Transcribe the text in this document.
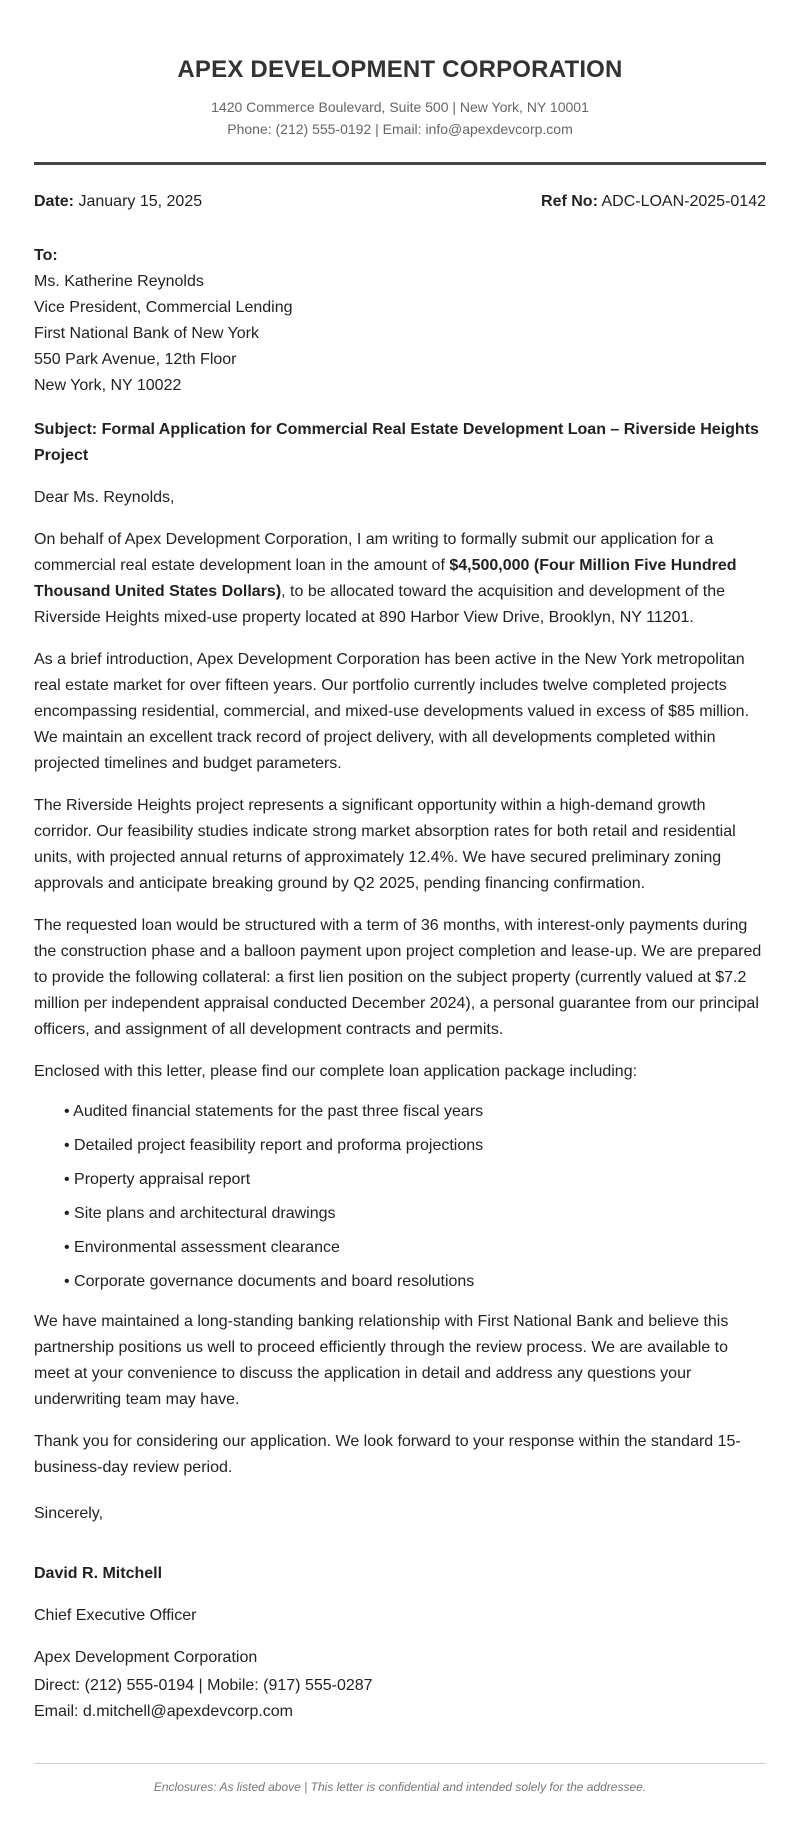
APEX DEVELOPMENT CORPORATION
1420 Commerce Boulevard, Suite 500 | New York, NY 10001
Phone: (212) 555-0192 | Email: info@apexdevcorp.com
Date: January 15, 2025	Ref No: ADC-LOAN-2025-0142
To:
Ms. Katherine Reynolds
Vice President, Commercial Lending
First National Bank of New York
550 Park Avenue, 12th Floor
New York, NY 10022
Subject: Formal Application for Commercial Real Estate Development Loan – Riverside Heights Project
Dear Ms. Reynolds,

On behalf of Apex Development Corporation, I am writing to formally submit our application for a commercial real estate development loan in the amount of $4,500,000 (Four Million Five Hundred Thousand United States Dollars), to be allocated toward the acquisition and development of the Riverside Heights mixed-use property located at 890 Harbor View Drive, Brooklyn, NY 11201.

As a brief introduction, Apex Development Corporation has been active in the New York metropolitan real estate market for over fifteen years. Our portfolio currently includes twelve completed projects encompassing residential, commercial, and mixed-use developments valued in excess of $85 million. We maintain an excellent track record of project delivery, with all developments completed within projected timelines and budget parameters.

The Riverside Heights project represents a significant opportunity within a high-demand growth corridor. Our feasibility studies indicate strong market absorption rates for both retail and residential units, with projected annual returns of approximately 12.4%. We have secured preliminary zoning approvals and anticipate breaking ground by Q2 2025, pending financing confirmation.

The requested loan would be structured with a term of 36 months, with interest-only payments during the construction phase and a balloon payment upon project completion and lease-up. We are prepared to provide the following collateral: a first lien position on the subject property (currently valued at $7.2 million per independent appraisal conducted December 2024), a personal guarantee from our principal officers, and assignment of all development contracts and permits.

Enclosed with this letter, please find our complete loan application package including:

• Audited financial statements for the past three fiscal years
• Detailed project feasibility report and proforma projections
• Property appraisal report
• Site plans and architectural drawings
• Environmental assessment clearance
• Corporate governance documents and board resolutions

We have maintained a long-standing banking relationship with First National Bank and believe this partnership positions us well to proceed efficiently through the review process. We are available to meet at your convenience to discuss the application in detail and address any questions your underwriting team may have.

Thank you for considering our application. We look forward to your response within the standard 15-business-day review period.

Sincerely,
David R. Mitchell
Chief Executive Officer
Apex Development Corporation
Direct: (212) 555-0194 | Mobile: (917) 555-0287
Email: d.mitchell@apexdevcorp.com
Enclosures: As listed above | This letter is confidential and intended solely for the addressee.
